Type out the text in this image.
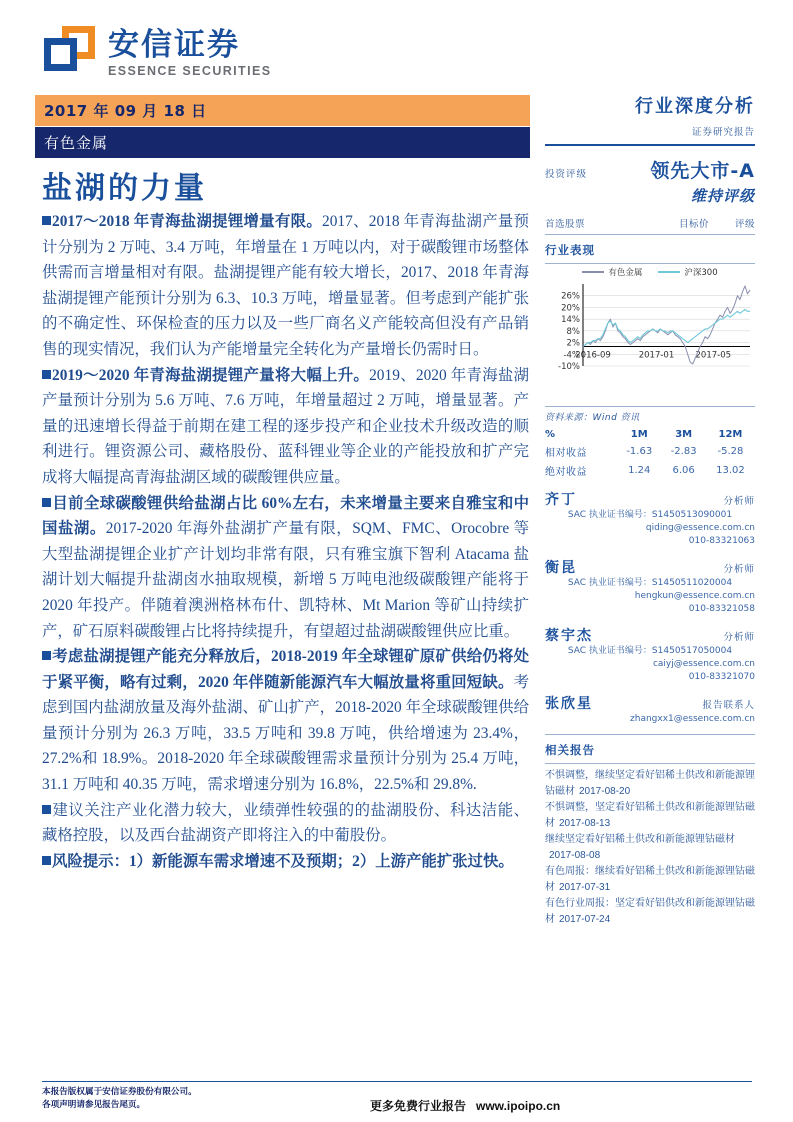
安信证券
ESSENCE SECURITIES
2017 年 09 月 18 日
有色金属
盐湖的力量

2017～2018 年青海盐湖提锂增量有限。2017、2018 年青海盐湖产量预计分别为 2 万吨、3.4 万吨，年增量在 1 万吨以内，对于碳酸锂市场整体供需而言增量相对有限。盐湖提锂产能有较大增长，2017、2018 年青海盐湖提锂产能预计分别为 6.3、10.3 万吨，增量显著。但考虑到产能扩张的不确定性、环保检查的压力以及一些厂商名义产能较高但没有产品销售的现实情况，我们认为产能增量完全转化为产量增长仍需时日。

2019～2020 年青海盐湖提锂产量将大幅上升。2019、2020 年青海盐湖产量预计分别为 5.6 万吨、7.6 万吨，年增量超过 2 万吨，增量显著。产量的迅速增长得益于前期在建工程的逐步投产和企业技术升级改造的顺利进行。锂资源公司、藏格股份、蓝科锂业等企业的产能投放和扩产完成将大幅提高青海盐湖区域的碳酸锂供应量。

目前全球碳酸锂供给盐湖占比 60%左右，未来增量主要来自雅宝和中国盐湖。2017-2020 年海外盐湖扩产量有限，SQM、FMC、Orocobre 等大型盐湖提锂企业扩产计划均非常有限，只有雅宝旗下智利 Atacama 盐湖计划大幅提升盐湖卤水抽取规模，新增 5 万吨电池级碳酸锂产能将于 2020 年投产。伴随着澳洲格林布什、凯特林、Mt Marion 等矿山持续扩产，矿石原料碳酸锂占比将持续提升，有望超过盐湖碳酸锂供应比重。

考虑盐湖提锂产能充分释放后，2018-2019 年全球锂矿原矿供给仍将处于紧平衡，略有过剩，2020 年伴随新能源汽车大幅放量将重回短缺。考虑到国内盐湖放量及海外盐湖、矿山扩产，2018-2020 年全球碳酸锂供给量预计分别为 26.3 万吨，33.5 万吨和 39.8 万吨，供给增速为 23.4%，27.2%和 18.9%。2018-2020 年全球碳酸锂需求量预计分别为 25.4 万吨，31.1 万吨和 40.35 万吨，需求增速分别为 16.8%，22.5%和 29.8%.

建议关注产业化潜力较大，业绩弹性较强的的盐湖股份、科达洁能、藏格控股，以及西台盐湖资产即将注入的中葡股份。

风险提示：1）新能源车需求增速不及预期；2）上游产能扩张过快。

行业深度分析
证券研究报告
投资评级	领先大市-A
维持评级
首选股票	目标价	评级
行业表现
有色金属	沪深300
-10%
-4%
2%
8%
14%
20%
26%
2016-09	2017-01	2017-05
资料来源：Wind 资讯
%	1M	3M	12M
相对收益	-1.63	-2.83	-5.28
绝对收益	1.24	6.06	13.02
齐丁	分析师
SAC 执业证书编号：S1450513090001
qiding@essence.com.cn
010-83321063
衡昆	分析师
SAC 执业证书编号：S1450511020004
hengkun@essence.com.cn
010-83321058
蔡宇杰	分析师
SAC 执业证书编号：S1450517050004
caiyj@essence.com.cn
010-83321070
张欣星	报告联系人
zhangxx1@essence.com.cn
相关报告
不惧调整，继续坚定看好铝稀土供改和新能源锂钴磁材 2017-08-20
不惧调整，坚定看好铝稀土供改和新能源锂钴磁材 2017-08-13
继续坚定看好铝稀土供改和新能源锂钴磁材2017-08-08
有色周报：继续看好铝稀土供改和新能源锂钴磁材 2017-07-31
有色行业周报：坚定看好铝供改和新能源锂钴磁材 2017-07-24
本报告版权属于安信证券股份有限公司。
各项声明请参见报告尾页。	更多免费行业报告 www.ipoipo.cn
